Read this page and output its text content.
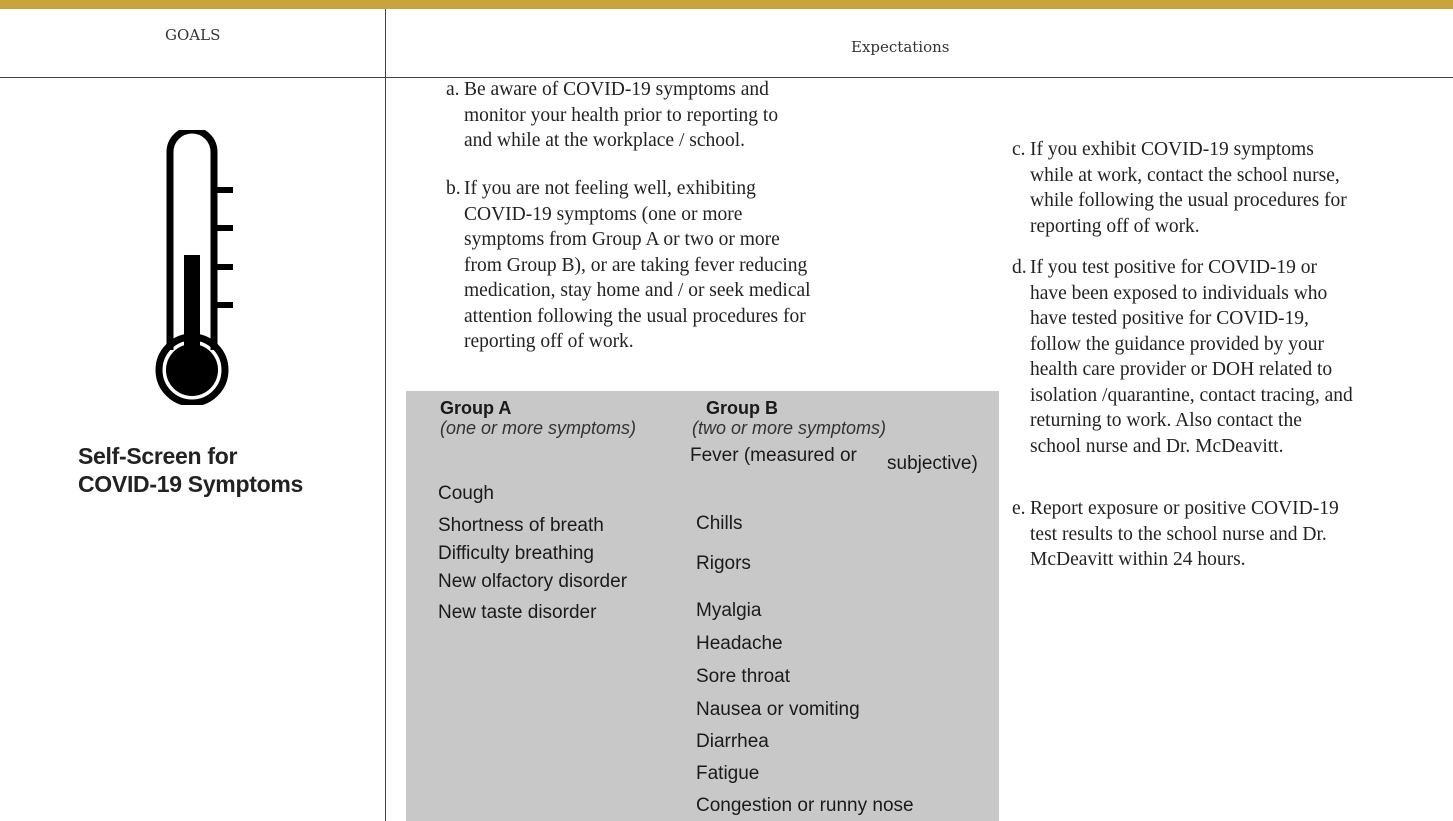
GOALS
Expectations
Self-Screen for
COVID-19 Symptoms
a. Be aware of COVID-19 symptoms and
monitor your health prior to reporting to
and while at the workplace / school.
b. If you are not feeling well, exhibiting
COVID-19 symptoms (one or more
symptoms from Group A or two or more
from Group B), or are taking fever reducing
medication, stay home and / or seek medical
attention following the usual procedures for
reporting off of work.
Group A
(one or more symptoms)
Cough
Shortness of breath
Difficulty breathing
New olfactory disorder
New taste disorder
Group B
(two or more symptoms)
Fever (measured or subjective)
Chills
Rigors
Myalgia
Headache
Sore throat
Nausea or vomiting
Diarrhea
Fatigue
Congestion or runny nose
c. If you exhibit COVID-19 symptoms
while at work, contact the school nurse,
while following the usual procedures for
reporting off of work.
d. If you test positive for COVID-19 or
have been exposed to individuals who
have tested positive for COVID-19,
follow the guidance provided by your
health care provider or DOH related to
isolation /quarantine, contact tracing, and
returning to work. Also contact the
school nurse and Dr. McDeavitt.
e. Report exposure or positive COVID-19
test results to the school nurse and Dr.
McDeavitt within 24 hours.
